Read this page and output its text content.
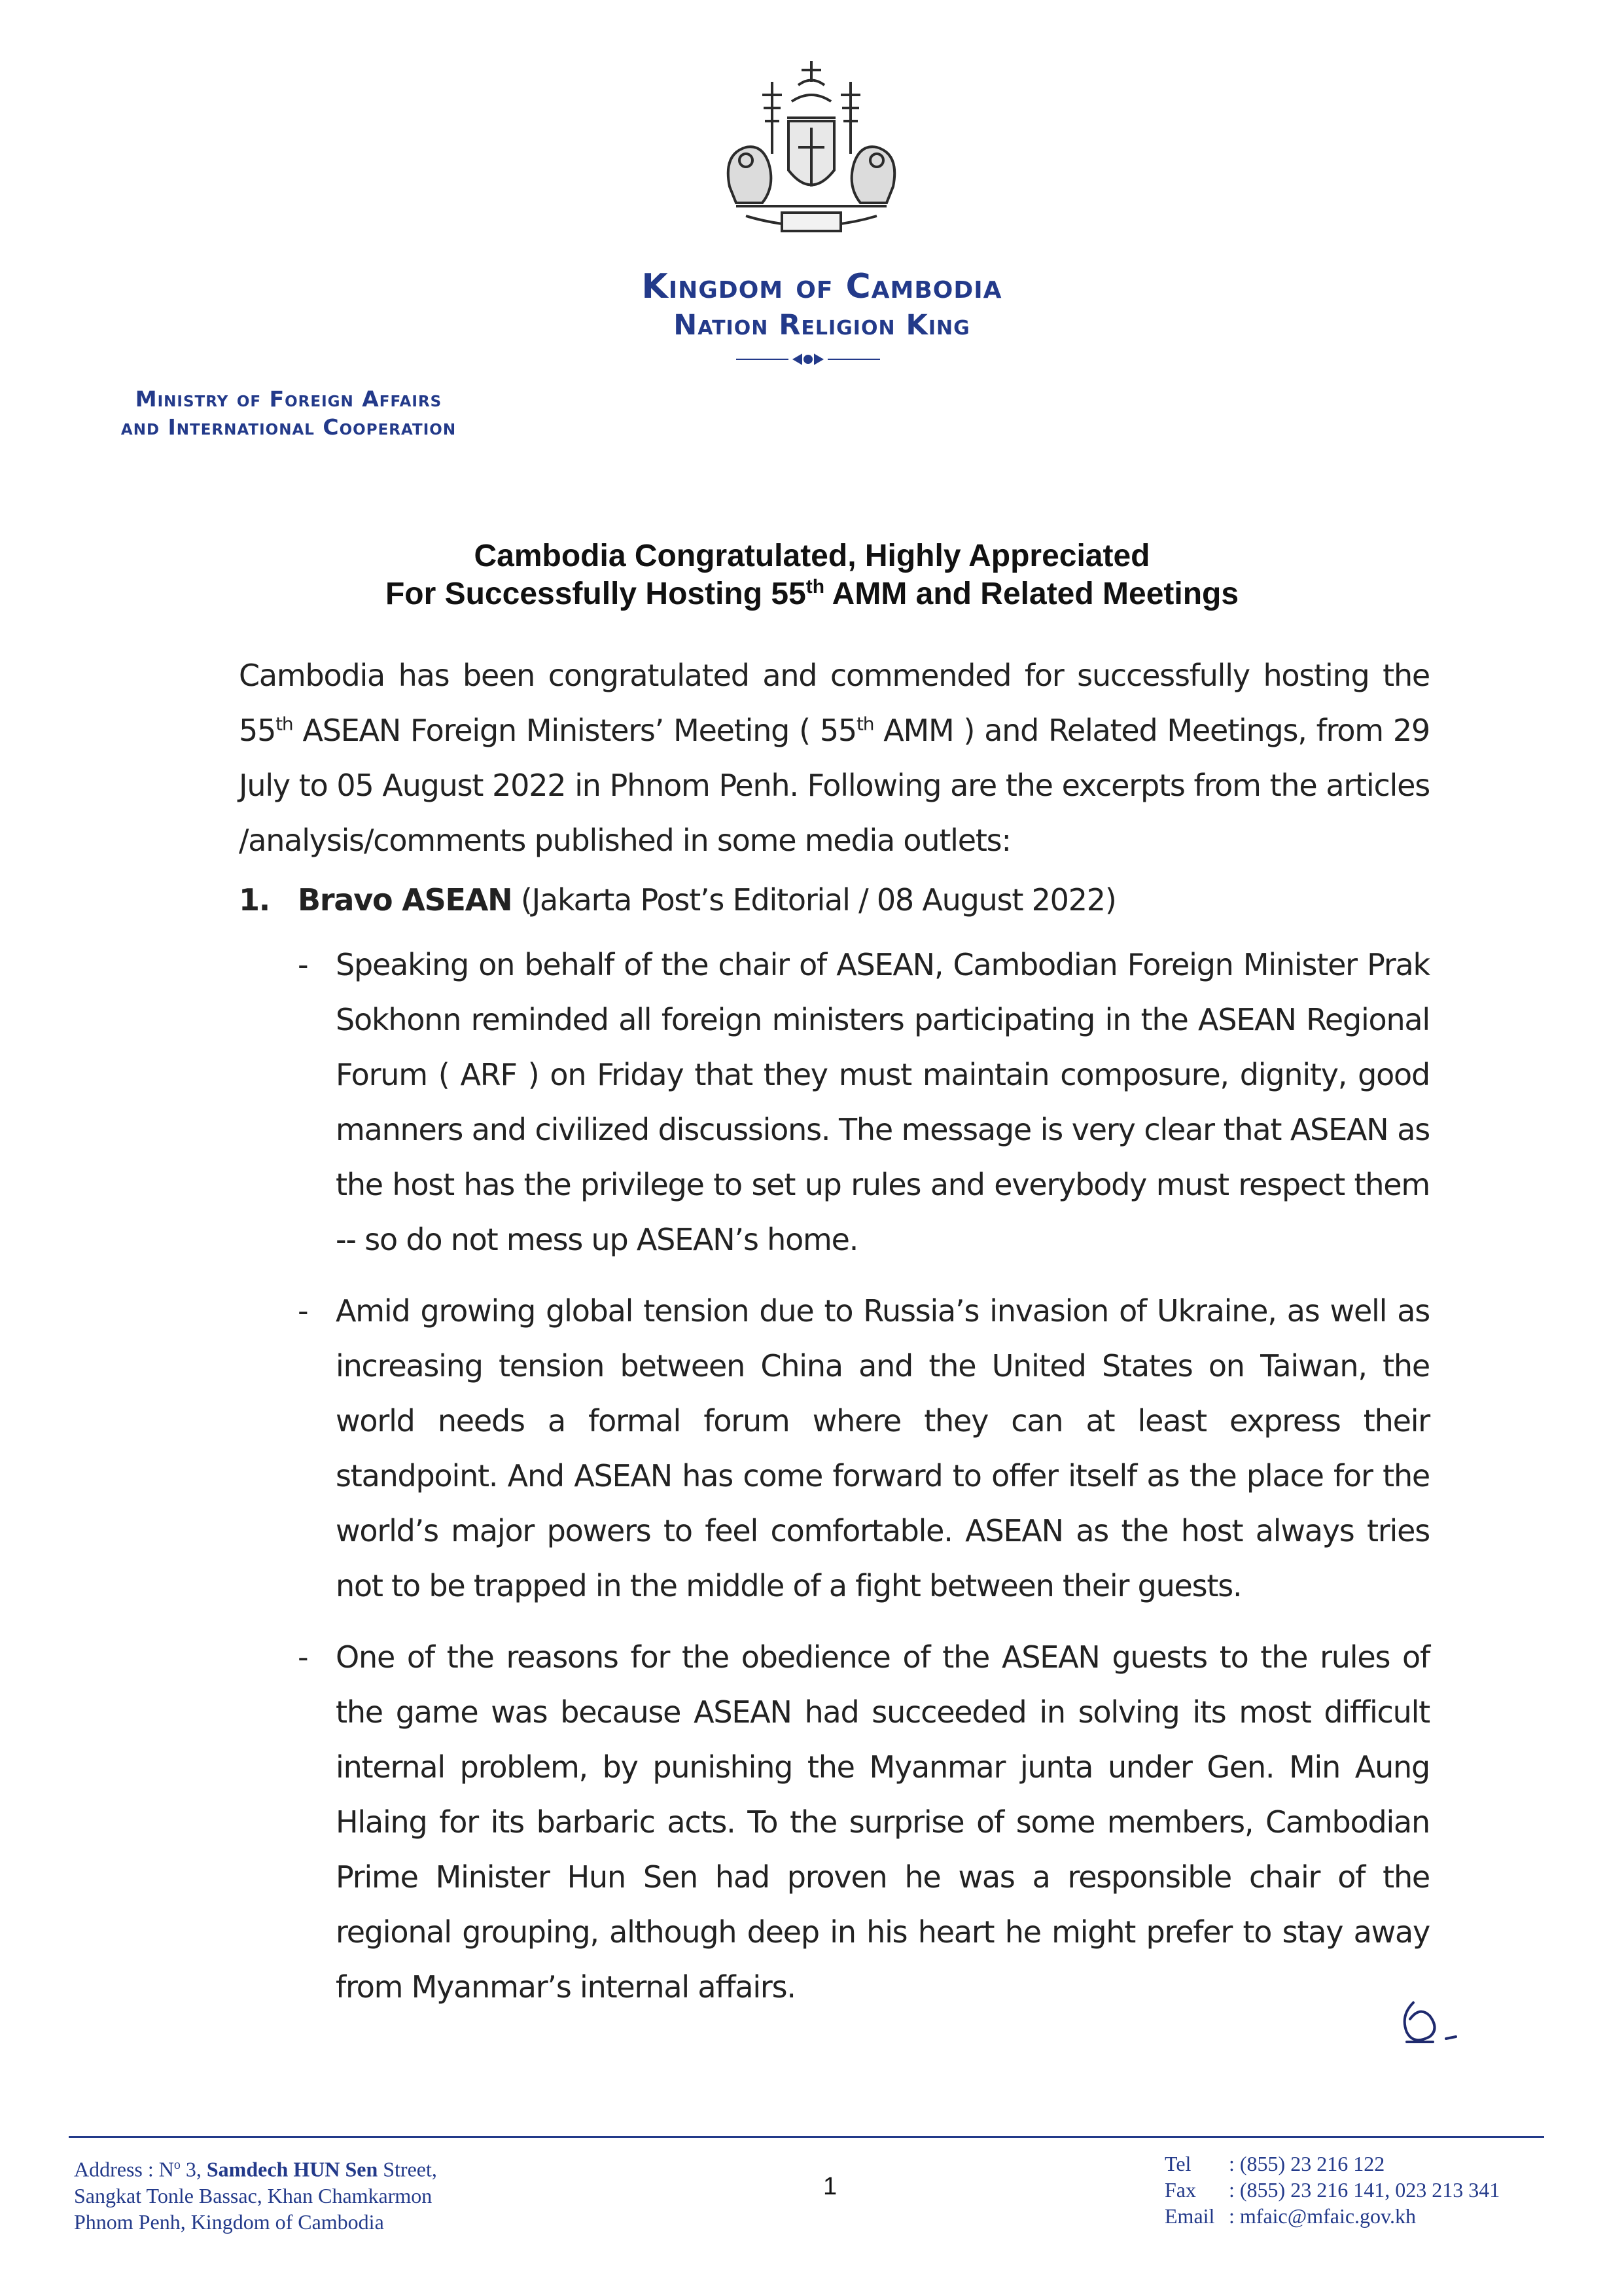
Kingdom of Cambodia
Nation Religion King
Ministry of Foreign Affairs
and International Cooperation
Cambodia Congratulated, Highly Appreciated
For Successfully Hosting 55th AMM and Related Meetings
Cambodia has been congratulated and commended for successfully hosting the 55th ASEAN Foreign Ministers’ Meeting ( 55th AMM ) and Related Meetings, from 29 July to 05 August 2022 in Phnom Penh. Following are the excerpts from the articles /analysis/comments published in some media outlets:
1. Bravo ASEAN (Jakarta Post’s Editorial / 08 August 2022)
- Speaking on behalf of the chair of ASEAN, Cambodian Foreign Minister Prak Sokhonn reminded all foreign ministers participating in the ASEAN Regional Forum ( ARF ) on Friday that they must maintain composure, dignity, good manners and civilized discussions. The message is very clear that ASEAN as the host has the privilege to set up rules and everybody must respect them -- so do not mess up ASEAN’s home.
- Amid growing global tension due to Russia’s invasion of Ukraine, as well as increasing tension between China and the United States on Taiwan, the world needs a formal forum where they can at least express their standpoint. And ASEAN has come forward to offer itself as the place for the world’s major powers to feel comfortable. ASEAN as the host always tries not to be trapped in the middle of a fight between their guests.
- One of the reasons for the obedience of the ASEAN guests to the rules of the game was because ASEAN had succeeded in solving its most difficult internal problem, by punishing the Myanmar junta under Gen. Min Aung Hlaing for its barbaric acts. To the surprise of some members, Cambodian Prime Minister Hun Sen had proven he was a responsible chair of the regional grouping, although deep in his heart he might prefer to stay away from Myanmar’s internal affairs.
Address : $N^o$ 3, Samdech HUN Sen Street,
Sangkat Tonle Bassac, Khan Chamkarmon
Phnom Penh, Kingdom of Cambodia
1
Tel : (855) 23 216 122
Fax : (855) 23 216 141, 023 213 341
Email : mfaic@mfaic.gov.kh
